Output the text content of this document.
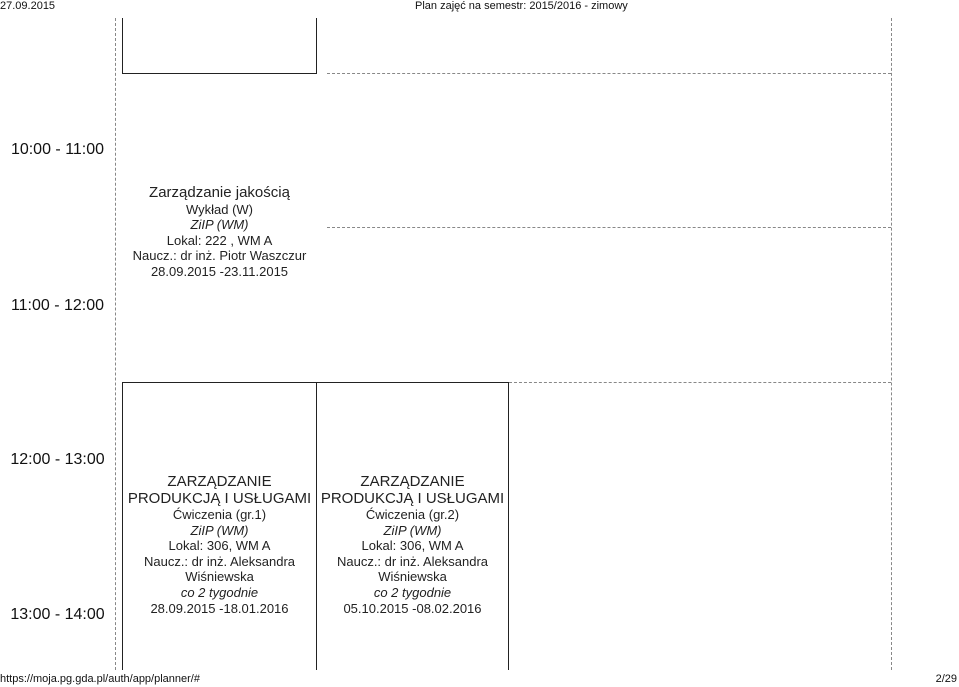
27.09.2015	Plan zajęć na semestr: 2015/2016 - zimowy
10:00 - 11:00
11:00 - 12:00
12:00 - 13:00
13:00 - 14:00
Zarządzanie jakością
Wykład (W)
ZiIP (WM)
Lokal: 222 , WM A
Naucz.: dr inż. Piotr Waszczur
28.09.2015 -23.11.2015
ZARZĄDZANIE
PRODUKCJĄ I USŁUGAMI
Ćwiczenia (gr.1)
ZiIP (WM)
Lokal: 306, WM A
Naucz.: dr inż. Aleksandra
Wiśniewska
co 2 tygodnie
28.09.2015 -18.01.2016
ZARZĄDZANIE
PRODUKCJĄ I USŁUGAMI
Ćwiczenia (gr.2)
ZiIP (WM)
Lokal: 306, WM A
Naucz.: dr inż. Aleksandra
Wiśniewska
co 2 tygodnie
05.10.2015 -08.02.2016
https://moja.pg.gda.pl/auth/app/planner/#	2/29
